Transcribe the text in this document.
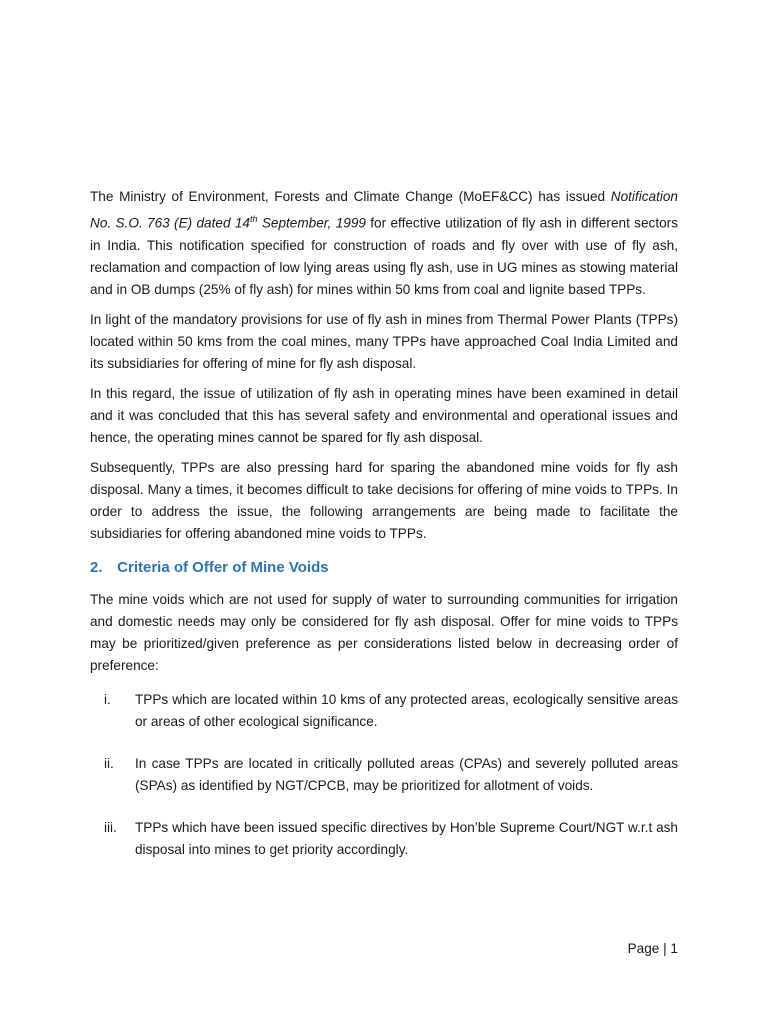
The Ministry of Environment, Forests and Climate Change (MoEF&CC) has issued Notification No. S.O. 763 (E) dated 14th September, 1999 for effective utilization of fly ash in different sectors in India. This notification specified for construction of roads and fly over with use of fly ash, reclamation and compaction of low lying areas using fly ash, use in UG mines as stowing material and in OB dumps (25% of fly ash) for mines within 50 kms from coal and lignite based TPPs.

In light of the mandatory provisions for use of fly ash in mines from Thermal Power Plants (TPPs) located within 50 kms from the coal mines, many TPPs have approached Coal India Limited and its subsidiaries for offering of mine for fly ash disposal.

In this regard, the issue of utilization of fly ash in operating mines have been examined in detail and it was concluded that this has several safety and environmental and operational issues and hence, the operating mines cannot be spared for fly ash disposal.

Subsequently, TPPs are also pressing hard for sparing the abandoned mine voids for fly ash disposal. Many a times, it becomes difficult to take decisions for offering of mine voids to TPPs. In order to address the issue, the following arrangements are being made to facilitate the subsidiaries for offering abandoned mine voids to TPPs.

2. Criteria of Offer of Mine Voids

The mine voids which are not used for supply of water to surrounding communities for irrigation and domestic needs may only be considered for fly ash disposal. Offer for mine voids to TPPs may be prioritized/given preference as per considerations listed below in decreasing order of preference:

i.	TPPs which are located within 10 kms of any protected areas, ecologically sensitive areas or areas of other ecological significance.
ii.	In case TPPs are located in critically polluted areas (CPAs) and severely polluted areas (SPAs) as identified by NGT/CPCB, may be prioritized for allotment of voids.
iii.	TPPs which have been issued specific directives by Hon’ble Supreme Court/NGT w.r.t ash disposal into mines to get priority accordingly.
Page | 1
